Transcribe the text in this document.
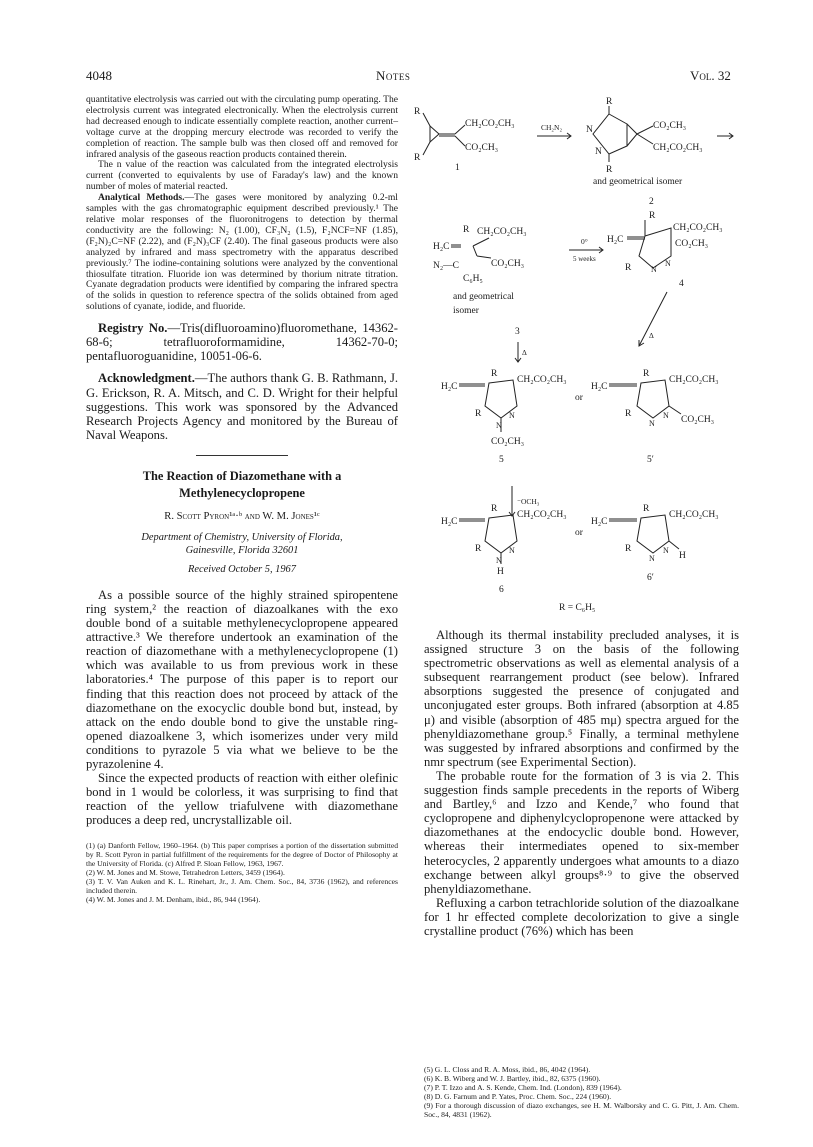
4048	Notes	Vol. 32

quantitative electrolysis was carried out with the circulating pump operating. The electrolysis current was integrated electronically. When the electrolysis current had decreased enough to indicate essentially complete reaction, another current–voltage curve at the dropping mercury electrode was recorded to verify the completion of reaction. The sample bulb was then closed off and removed for infrared analysis of the gaseous reaction products contained therein.

The n value of the reaction was calculated from the integrated electrolysis current (converted to equivalents by use of Faraday's law) and the known number of moles of material reacted.

Analytical Methods.—The gases were monitored by analyzing 0.2-ml samples with the gas chromatographic equipment described previously.¹ The relative molar responses of the fluoronitrogens to detection by thermal conductivity are the following: N₂ (1.00), CF₃N₂ (1.5), F₂NCF=NF (1.85), (F₂N)₂C=NF (2.22), and (F₂N)₃CF (2.40). The final gaseous products were also analyzed by infrared and mass spectrometry with the apparatus described previously.⁷ The iodine-containing solutions were analyzed by the conventional thiosulfate titration. Fluoride ion was determined by thorium nitrate titration. Cyanate degradation products were identified by comparing the infrared spectra of the solids in question to reference spectra of the solids obtained from aged solutions of cyanate, iodide, and fluoride.

Registry No.—Tris(difluoroamino)fluoromethane, 14362-68-6; tetrafluoroformamidine, 14362-70-0; pentafluoroguanidine, 10051-06-6.

Acknowledgment.—The authors thank G. B. Rathmann, J. G. Erickson, R. A. Mitsch, and C. D. Wright for their helpful suggestions. This work was sponsored by the Advanced Research Projects Agency and monitored by the Bureau of Naval Weapons.

The Reaction of Diazomethane with a

Methylenecyclopropene

R. Scott Pyron¹ᵃ·ᵇ and W. M. Jones¹ᶜ

Department of Chemistry, University of Florida,

Gainesville, Florida 32601

Received October 5, 1967

As a possible source of the highly strained spiropentene ring system,² the reaction of diazoalkanes with the exo double bond of a suitable methylenecyclopropene appeared attractive.³ We therefore undertook an examination of the reaction of diazomethane with a methylenecyclopropene (1) which was available to us from previous work in these laboratories.⁴ The purpose of this paper is to report our finding that this reaction does not proceed by attack of the diazomethane on the exocyclic double bond but, instead, by attack on the endo double bond to give the unstable ring-opened diazoalkene 3, which isomerizes under very mild conditions to pyrazole 5 via what we believe to be the pyrazolenine 4.

Since the expected products of reaction with either olefinic bond in 1 would be colorless, it was surprising to find that reaction of the yellow triafulvene with diazomethane produces a deep red, uncrystallizable oil.

(1) (a) Danforth Fellow, 1960–1964. (b) This paper comprises a portion of the dissertation submitted by R. Scott Pyron in partial fulfillment of the requirements for the degree of Doctor of Philosophy at the University of Florida. (c) Alfred P. Sloan Fellow, 1963, 1967.

(2) W. M. Jones and M. Stowe, Tetrahedron Letters, 3459 (1964).

(3) T. V. Van Auken and K. L. Rinehart, Jr., J. Am. Chem. Soc., 84, 3736 (1962), and references included therein.

(4) W. M. Jones and J. M. Denham, ibid., 86, 944 (1964).

R
R
CH₂CO₂CH₃
CO₂CH₃
1
CH₂N₂
R
R
N
N
CO₂CH₃
CH₂CO₂CH₃
and geometrical isomer
2
H₂C
R CH₂CO₂CH₃
N₂—C	CO₂CH₃
C₆H₅
and geometrical
isomer
3
Δ
0°
5 weeks
R
H₂C
CH₂CO₂CH₃
CO₂CH₃
R N
N
4
Δ
R
H₂C
CH₂CO₂CH₃
R	N
N
CO₂CH₃
5
or
R
H₂C
CH₂CO₂CH₃
R
N
N CO₂CH₃
5′
⁻OCH₃
R
H₂C
CH₂CO₂CH₃
R	N
N
H
6
or
R
H₂C
CH₂CO₂CH₃
R
N
N
H
6′
R = C₆H₅

Although its thermal instability precluded analyses, it is assigned structure 3 on the basis of the following spectrometric observations as well as elemental analysis of a subsequent rearrangement product (see below). Infrared absorptions suggested the presence of conjugated and unconjugated ester groups. Both infrared (absorption at 4.85 μ) and visible (absorption of 485 mμ) spectra argued for the phenyldiazomethane group.⁵ Finally, a terminal methylene was suggested by infrared absorptions and confirmed by the nmr spectrum (see Experimental Section).

The probable route for the formation of 3 is via 2. This suggestion finds sample precedents in the reports of Wiberg and Bartley,⁶ and Izzo and Kende,⁷ who found that cyclopropene and diphenylcyclopropenone were attacked by diazomethanes at the endocyclic double bond. However, whereas their intermediates opened to six-member heterocycles, 2 apparently undergoes what amounts to a diazo exchange between alkyl groups⁸·⁹ to give the observed phenyldiazomethane.

Refluxing a carbon tetrachloride solution of the diazoalkane for 1 hr effected complete decolorization to give a single crystalline product (76%) which has been

(5) G. L. Closs and R. A. Moss, ibid., 86, 4042 (1964).

(6) K. B. Wiberg and W. J. Bartley, ibid., 82, 6375 (1960).

(7) P. T. Izzo and A. S. Kende, Chem. Ind. (London), 839 (1964).

(8) D. G. Farnum and P. Yates, Proc. Chem. Soc., 224 (1960).

(9) For a thorough discussion of diazo exchanges, see H. M. Walborsky and C. G. Pitt, J. Am. Chem. Soc., 84, 4831 (1962).
